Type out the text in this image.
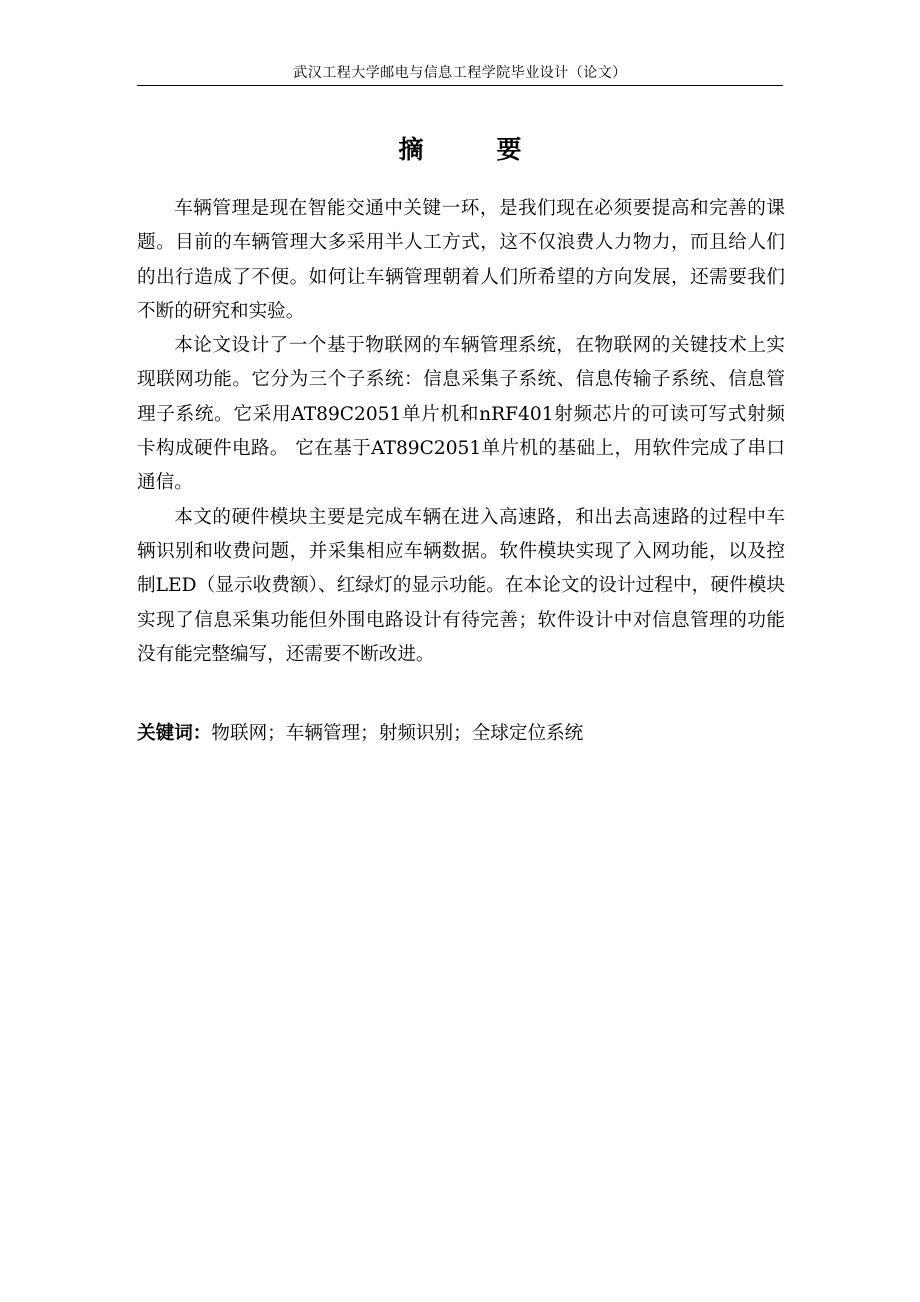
武汉工程大学邮电与信息工程学院毕业设计（论文）
摘　要

车辆管理是现在智能交通中关键一环，是我们现在必须要提高和完善的课题。目前的车辆管理大多采用半人工方式，这不仅浪费人力物力，而且给人们的出行造成了不便。如何让车辆管理朝着人们所希望的方向发展，还需要我们不断的研究和实验。

本论文设计了一个基于物联网的车辆管理系统，在物联网的关键技术上实现联网功能。它分为三个子系统：信息采集子系统、信息传输子系统、信息管理子系统。它采用AT89C2051单片机和nRF401射频芯片的可读可写式射频卡构成硬件电路。 它在基于AT89C2051单片机的基础上，用软件完成了串口通信。

本文的硬件模块主要是完成车辆在进入高速路，和出去高速路的过程中车辆识别和收费问题，并采集相应车辆数据。软件模块实现了入网功能，以及控制LED（显示收费额）、红绿灯的显示功能。在本论文的设计过程中，硬件模块实现了信息采集功能但外围电路设计有待完善；软件设计中对信息管理的功能没有能完整编写，还需要不断改进。

关键词：物联网；车辆管理；射频识别；全球定位系统
